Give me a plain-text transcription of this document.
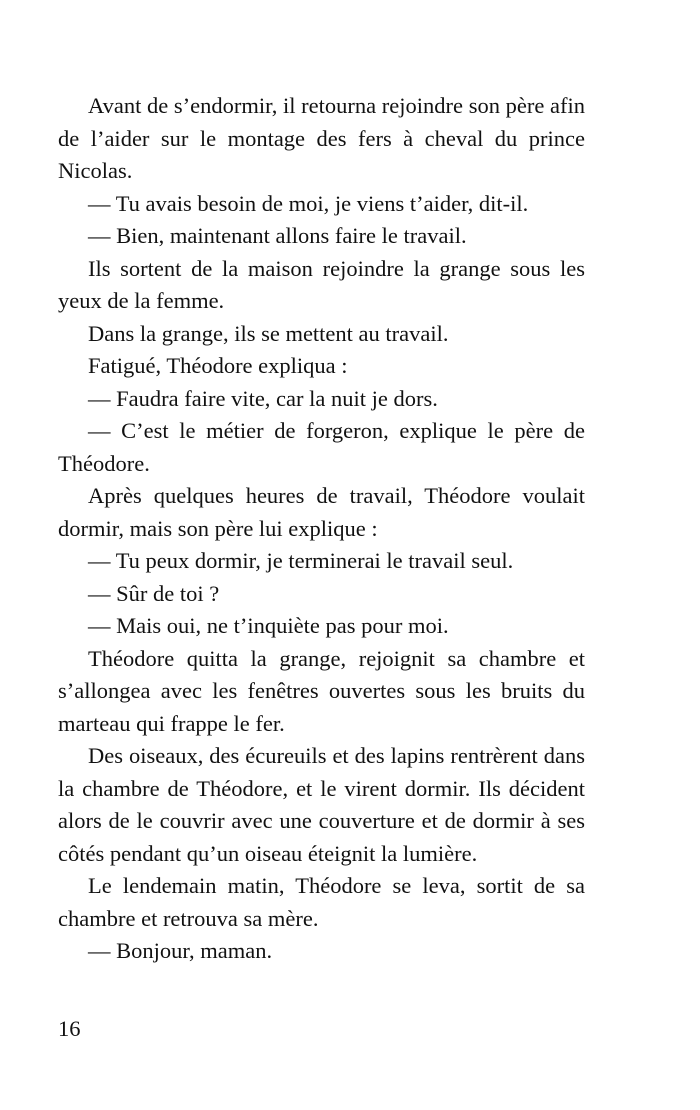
Avant de s’endormir, il retourna rejoindre son père afin de l’aider sur le montage des fers à cheval du prince Nicolas.

— Tu avais besoin de moi, je viens t’aider, dit-il.

— Bien, maintenant allons faire le travail.

Ils sortent de la maison rejoindre la grange sous les yeux de la femme.

Dans la grange, ils se mettent au travail.

Fatigué, Théodore expliqua :

— Faudra faire vite, car la nuit je dors.

— C’est le métier de forgeron, explique le père de Théodore.

Après quelques heures de travail, Théodore voulait dormir, mais son père lui explique :

— Tu peux dormir, je terminerai le travail seul.

— Sûr de toi ?

— Mais oui, ne t’inquiète pas pour moi.

Théodore quitta la grange, rejoignit sa chambre et s’allongea avec les fenêtres ouvertes sous les bruits du marteau qui frappe le fer.

Des oiseaux, des écureuils et des lapins rentrèrent dans la chambre de Théodore, et le virent dormir. Ils décident alors de le couvrir avec une couverture et de dormir à ses côtés pendant qu’un oiseau éteignit la lumière.

Le lendemain matin, Théodore se leva, sortit de sa chambre et retrouva sa mère.

— Bonjour, maman.

16
